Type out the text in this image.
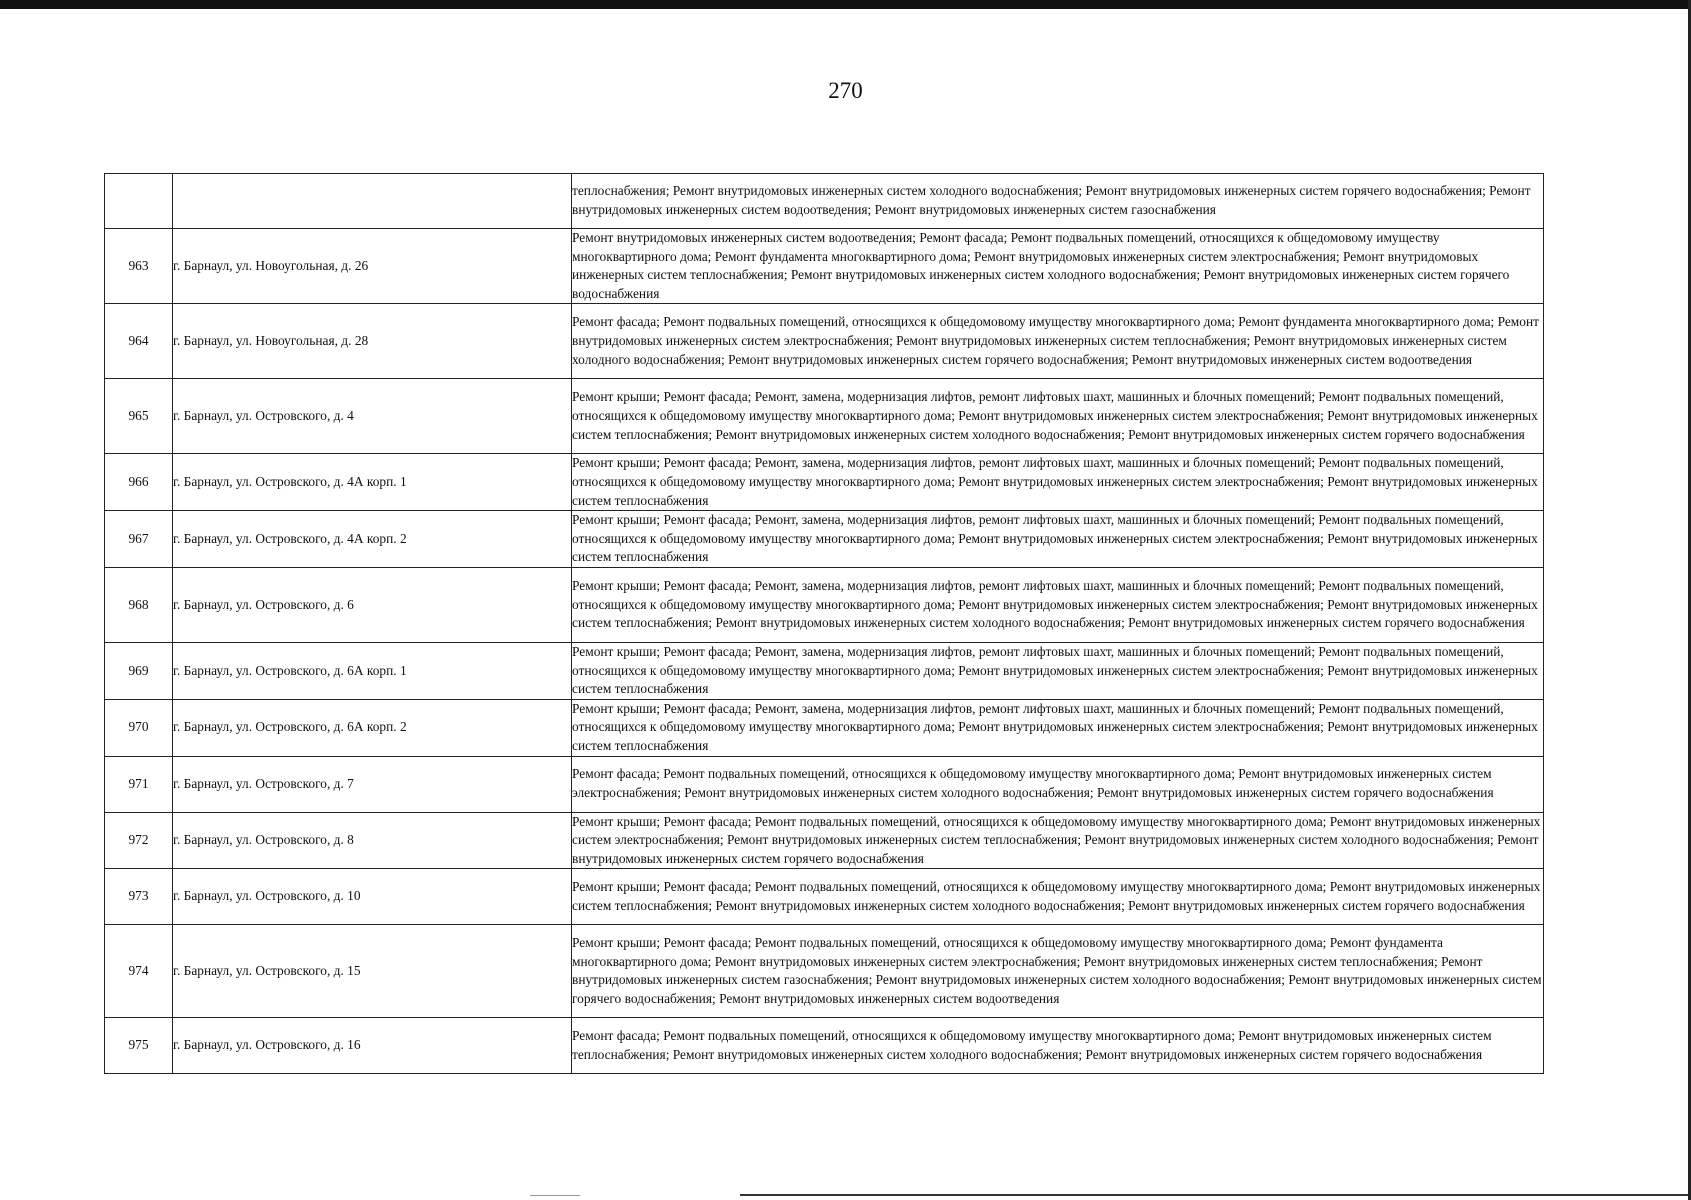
270
		теплоснабжения; Ремонт внутридомовых инженерных систем холодного водоснабжения; Ремонт внутридомовых инженерных систем горячего водоснабжения; Ремонт внутридомовых инженерных систем водоотведения; Ремонт внутридомовых инженерных систем газоснабжения
963	г. Барнаул, ул. Новоугольная, д. 26	Ремонт внутридомовых инженерных систем водоотведения; Ремонт фасада; Ремонт подвальных помещений, относящихся к общедомовому имуществу многоквартирного дома; Ремонт фундамента многоквартирного дома; Ремонт внутридомовых инженерных систем электроснабжения; Ремонт внутридомовых инженерных систем теплоснабжения; Ремонт внутридомовых инженерных систем холодного водоснабжения; Ремонт внутридомовых инженерных систем горячего водоснабжения
964	г. Барнаул, ул. Новоугольная, д. 28	Ремонт фасада; Ремонт подвальных помещений, относящихся к общедомовому имуществу многоквартирного дома; Ремонт фундамента многоквартирного дома; Ремонт внутридомовых инженерных систем электроснабжения; Ремонт внутридомовых инженерных систем теплоснабжения; Ремонт внутридомовых инженерных систем холодного водоснабжения; Ремонт внутридомовых инженерных систем горячего водоснабжения; Ремонт внутридомовых инженерных систем водоотведения
965	г. Барнаул, ул. Островского, д. 4	Ремонт крыши; Ремонт фасада; Ремонт, замена, модернизация лифтов, ремонт лифтовых шахт, машинных и блочных помещений; Ремонт подвальных помещений, относящихся к общедомовому имуществу многоквартирного дома; Ремонт внутридомовых инженерных систем электроснабжения; Ремонт внутридомовых инженерных систем теплоснабжения; Ремонт внутридомовых инженерных систем холодного водоснабжения; Ремонт внутридомовых инженерных систем горячего водоснабжения
966	г. Барнаул, ул. Островского, д. 4А корп. 1	Ремонт крыши; Ремонт фасада; Ремонт, замена, модернизация лифтов, ремонт лифтовых шахт, машинных и блочных помещений; Ремонт подвальных помещений, относящихся к общедомовому имуществу многоквартирного дома; Ремонт внутридомовых инженерных систем электроснабжения; Ремонт внутридомовых инженерных систем теплоснабжения
967	г. Барнаул, ул. Островского, д. 4А корп. 2	Ремонт крыши; Ремонт фасада; Ремонт, замена, модернизация лифтов, ремонт лифтовых шахт, машинных и блочных помещений; Ремонт подвальных помещений, относящихся к общедомовому имуществу многоквартирного дома; Ремонт внутридомовых инженерных систем электроснабжения; Ремонт внутридомовых инженерных систем теплоснабжения
968	г. Барнаул, ул. Островского, д. 6	Ремонт крыши; Ремонт фасада; Ремонт, замена, модернизация лифтов, ремонт лифтовых шахт, машинных и блочных помещений; Ремонт подвальных помещений, относящихся к общедомовому имуществу многоквартирного дома; Ремонт внутридомовых инженерных систем электроснабжения; Ремонт внутридомовых инженерных систем теплоснабжения; Ремонт внутридомовых инженерных систем холодного водоснабжения; Ремонт внутридомовых инженерных систем горячего водоснабжения
969	г. Барнаул, ул. Островского, д. 6А корп. 1	Ремонт крыши; Ремонт фасада; Ремонт, замена, модернизация лифтов, ремонт лифтовых шахт, машинных и блочных помещений; Ремонт подвальных помещений, относящихся к общедомовому имуществу многоквартирного дома; Ремонт внутридомовых инженерных систем электроснабжения; Ремонт внутридомовых инженерных систем теплоснабжения
970	г. Барнаул, ул. Островского, д. 6А корп. 2	Ремонт крыши; Ремонт фасада; Ремонт, замена, модернизация лифтов, ремонт лифтовых шахт, машинных и блочных помещений; Ремонт подвальных помещений, относящихся к общедомовому имуществу многоквартирного дома; Ремонт внутридомовых инженерных систем электроснабжения; Ремонт внутридомовых инженерных систем теплоснабжения
971	г. Барнаул, ул. Островского, д. 7	Ремонт фасада; Ремонт подвальных помещений, относящихся к общедомовому имуществу многоквартирного дома; Ремонт внутридомовых инженерных систем электроснабжения; Ремонт внутридомовых инженерных систем холодного водоснабжения; Ремонт внутридомовых инженерных систем горячего водоснабжения
972	г. Барнаул, ул. Островского, д. 8	Ремонт крыши; Ремонт фасада; Ремонт подвальных помещений, относящихся к общедомовому имуществу многоквартирного дома; Ремонт внутридомовых инженерных систем электроснабжения; Ремонт внутридомовых инженерных систем теплоснабжения; Ремонт внутридомовых инженерных систем холодного водоснабжения; Ремонт внутридомовых инженерных систем горячего водоснабжения
973	г. Барнаул, ул. Островского, д. 10	Ремонт крыши; Ремонт фасада; Ремонт подвальных помещений, относящихся к общедомовому имуществу многоквартирного дома; Ремонт внутридомовых инженерных систем теплоснабжения; Ремонт внутридомовых инженерных систем холодного водоснабжения; Ремонт внутридомовых инженерных систем горячего водоснабжения
974	г. Барнаул, ул. Островского, д. 15	Ремонт крыши; Ремонт фасада; Ремонт подвальных помещений, относящихся к общедомовому имуществу многоквартирного дома; Ремонт фундамента многоквартирного дома; Ремонт внутридомовых инженерных систем электроснабжения; Ремонт внутридомовых инженерных систем теплоснабжения; Ремонт внутридомовых инженерных систем газоснабжения; Ремонт внутридомовых инженерных систем холодного водоснабжения; Ремонт внутридомовых инженерных систем горячего водоснабжения; Ремонт внутридомовых инженерных систем водоотведения
975	г. Барнаул, ул. Островского, д. 16	Ремонт фасада; Ремонт подвальных помещений, относящихся к общедомовому имуществу многоквартирного дома; Ремонт внутридомовых инженерных систем теплоснабжения; Ремонт внутридомовых инженерных систем холодного водоснабжения; Ремонт внутридомовых инженерных систем горячего водоснабжения
